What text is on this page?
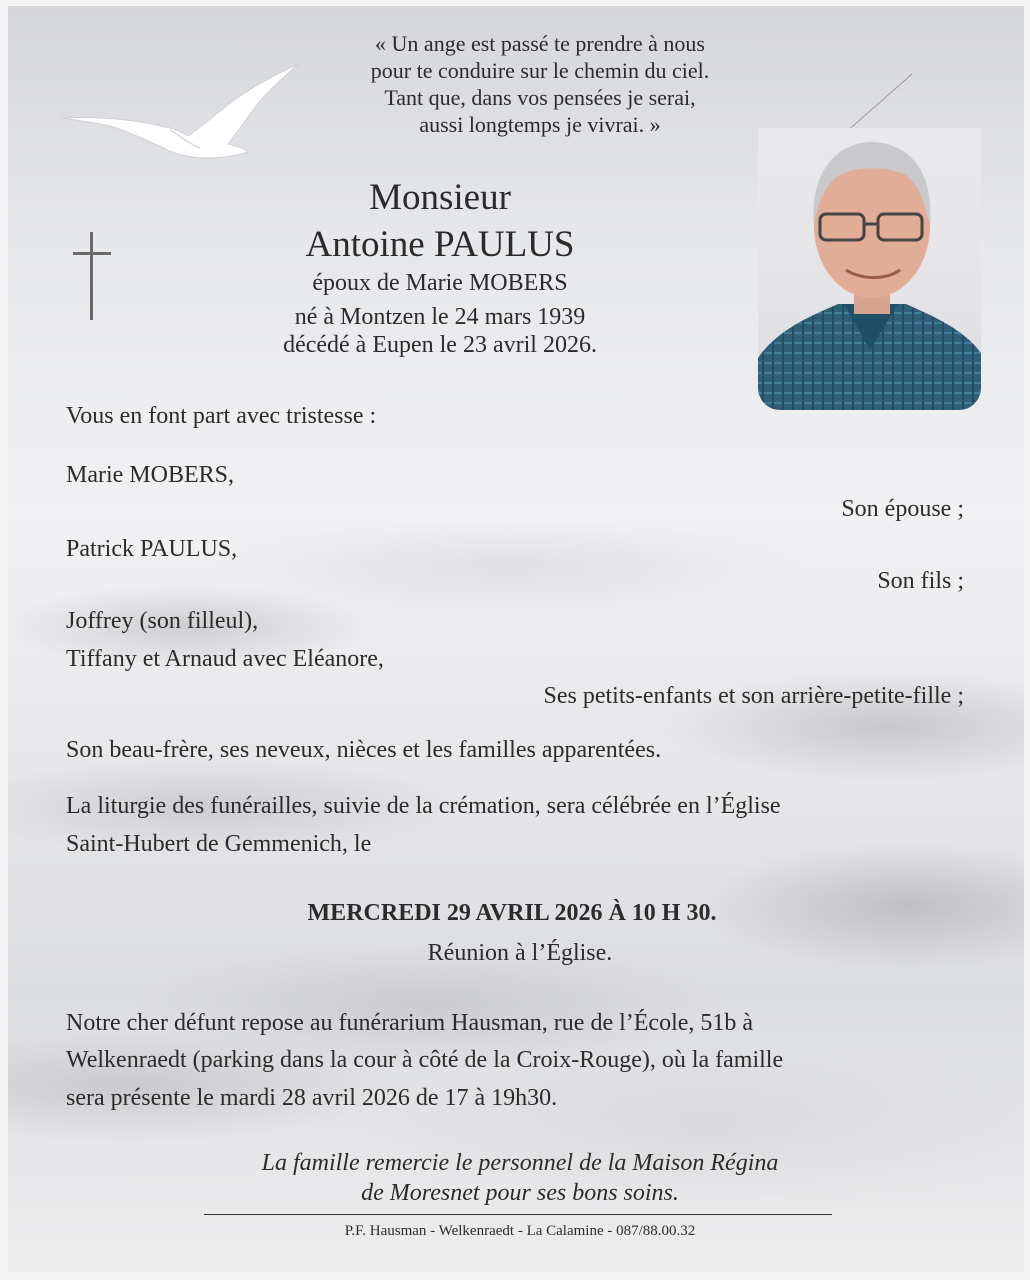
« Un ange est passé te prendre à nous
pour te conduire sur le chemin du ciel.
Tant que, dans vos pensées je serai,
aussi longtemps je vivrai. »
Monsieur
Antoine PAULUS
époux de Marie MOBERS
né à Montzen le 24 mars 1939
décédé à Eupen le 23 avril 2026.
Vous en font part avec tristesse :
Marie MOBERS,
Son épouse ;
Patrick PAULUS,
Son fils ;
Joffrey (son filleul),
Tiffany et Arnaud avec Eléanore,
Ses petits-enfants et son arrière-petite-fille ;
Son beau-frère, ses neveux, nièces et les familles apparentées.
La liturgie des funérailles, suivie de la crémation, sera célébrée en l’Église
Saint-Hubert de Gemmenich, le
MERCREDI 29 AVRIL 2026 À 10 H 30.
Réunion à l’Église.
Notre cher défunt repose au funérarium Hausman, rue de l’École, 51b à
Welkenraedt (parking dans la cour à côté de la Croix-Rouge), où la famille
sera présente le mardi 28 avril 2026 de 17 à 19h30.
La famille remercie le personnel de la Maison Régina
de Moresnet pour ses bons soins.
P.F. Hausman - Welkenraedt - La Calamine - 087/88.00.32
